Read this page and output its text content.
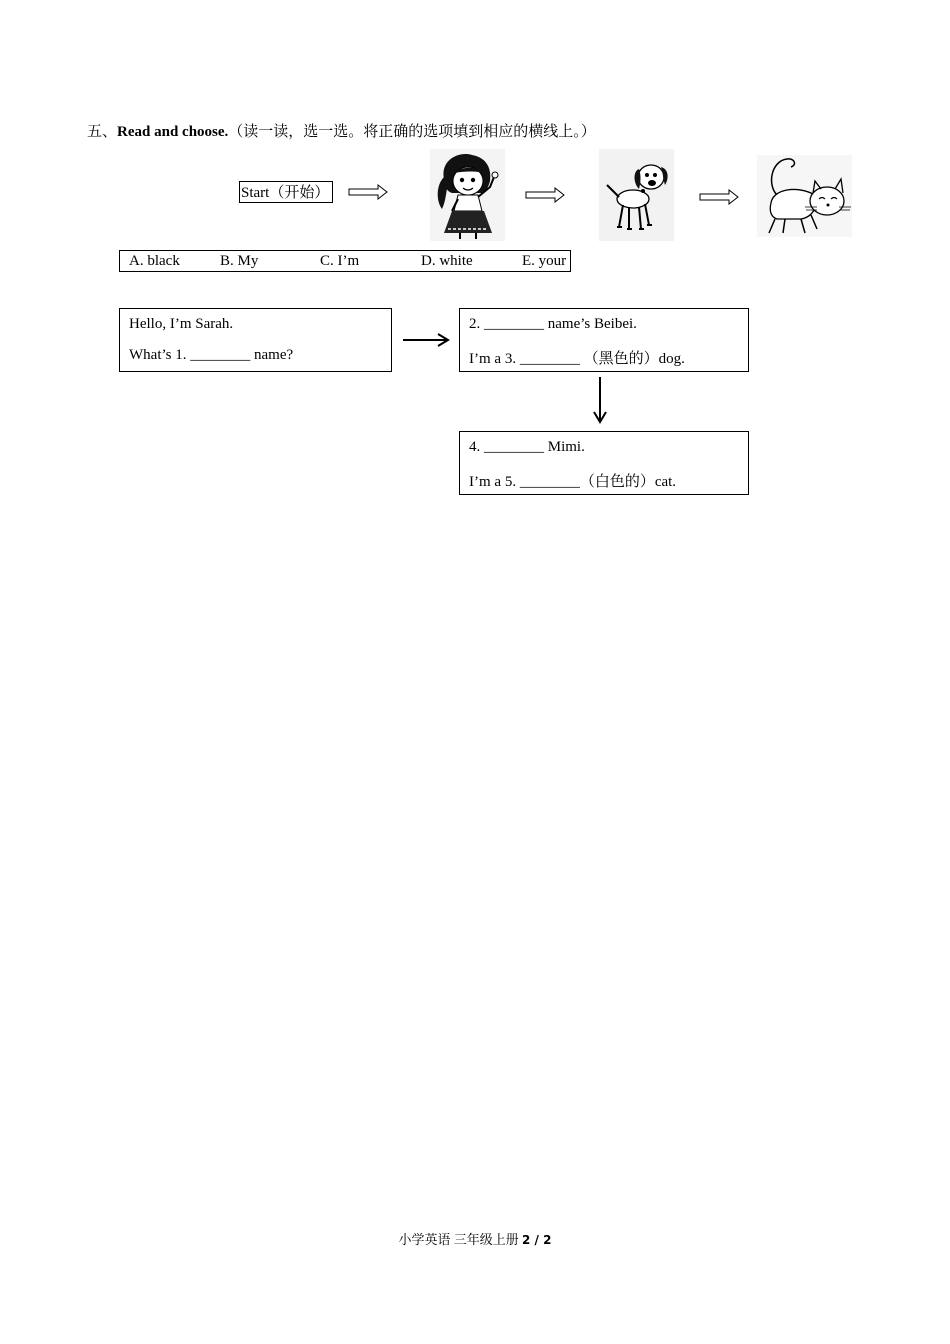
五、Read and choose.（读一读，选一选。将正确的选项填到相应的横线上。）
Start（开始）
A. black	B. My	C. I’m	D. white	E. your
Hello, I’m Sarah.
What’s 1. ________ name?
2. ________ name’s Beibei.
I’m a 3. ________ （黑色的）dog.
4. ________ Mimi.
I’m a 5. ________（白色的）cat.
小学英语 三年级上册 2 / 2
